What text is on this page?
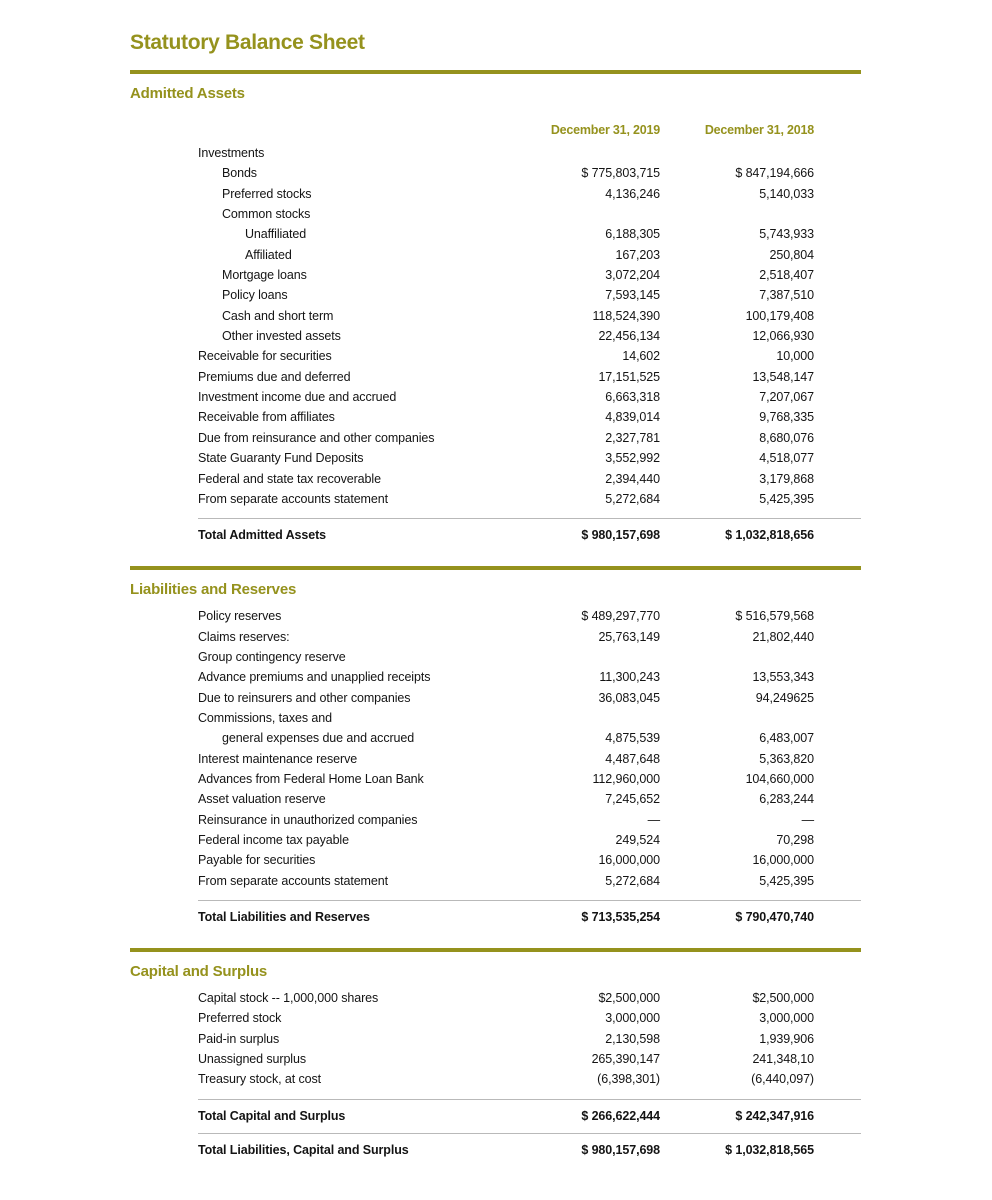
Statutory Balance Sheet
Admitted Assets
December 31, 2019	December 31, 2018
Investments
Bonds	$ 775,803,715	$ 847,194,666
Preferred stocks	4,136,246	5,140,033
Common stocks
Unaffiliated	6,188,305	5,743,933
Affiliated	167,203	250,804
Mortgage loans	3,072,204	2,518,407
Policy loans	7,593,145	7,387,510
Cash and short term	118,524,390	100,179,408
Other invested assets	22,456,134	12,066,930
Receivable for securities	14,602	10,000
Premiums due and deferred	17,151,525	13,548,147
Investment income due and accrued	6,663,318	7,207,067
Receivable from affiliates	4,839,014	9,768,335
Due from reinsurance and other companies	2,327,781	8,680,076
State Guaranty Fund Deposits	3,552,992	4,518,077
Federal and state tax recoverable	2,394,440	3,179,868
From separate accounts statement	5,272,684	5,425,395
Total Admitted Assets	$ 980,157,698	$ 1,032,818,656
Liabilities and Reserves
Policy reserves	$ 489,297,770	$ 516,579,568
Claims reserves:	25,763,149	21,802,440
Group contingency reserve
Advance premiums and unapplied receipts	11,300,243	13,553,343
Due to reinsurers and other companies	36,083,045	94,249625
Commissions, taxes and
general expenses due and accrued	4,875,539	6,483,007
Interest maintenance reserve	4,487,648	5,363,820
Advances from Federal Home Loan Bank	112,960,000	104,660,000
Asset valuation reserve	7,245,652	6,283,244
Reinsurance in unauthorized companies	—	—
Federal income tax payable	249,524	70,298
Payable for securities	16,000,000	16,000,000
From separate accounts statement	5,272,684	5,425,395
Total Liabilities and Reserves	$ 713,535,254	$ 790,470,740
Capital and Surplus
Capital stock -- 1,000,000 shares	$2,500,000	$2,500,000
Preferred stock	3,000,000	3,000,000
Paid-in surplus	2,130,598	1,939,906
Unassigned surplus	265,390,147	241,348,10
Treasury stock, at cost	(6,398,301)	(6,440,097)
Total Capital and Surplus	$ 266,622,444	$ 242,347,916
Total Liabilities, Capital and Surplus	$ 980,157,698	$ 1,032,818,565
